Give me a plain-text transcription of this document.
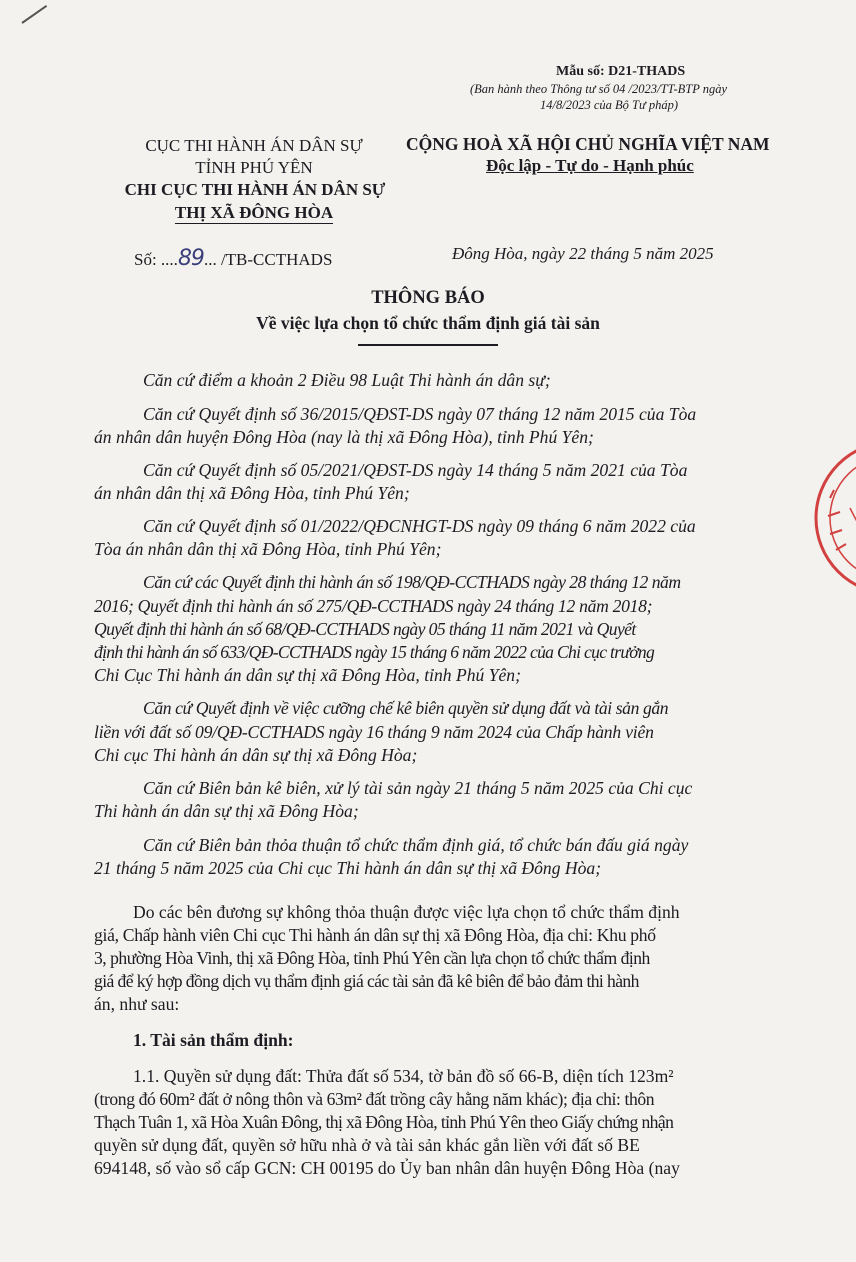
Mẫu số: D21-THADS
(Ban hành theo Thông tư số 04 /2023/TT-BTP ngày
14/8/2023 của Bộ Tư pháp)
CỤC THI HÀNH ÁN DÂN SỰ
TỈNH PHÚ YÊN
CHI CỤC THI HÀNH ÁN DÂN SỰ
THỊ XÃ ĐÔNG HÒA
CỘNG HOÀ XÃ HỘI CHỦ NGHĨA VIỆT NAM
Độc lập - Tự do - Hạnh phúc
Số: ....89... /TB-CCTHADS	Đông Hòa, ngày 22 tháng 5 năm 2025
THÔNG BÁO
Về việc lựa chọn tổ chức thẩm định giá tài sản
Căn cứ điểm a khoản 2 Điều 98 Luật Thi hành án dân sự;
Căn cứ Quyết định số 36/2015/QĐST-DS ngày 07 tháng 12 năm 2015 của Tòa
án nhân dân huyện Đông Hòa (nay là thị xã Đông Hòa), tỉnh Phú Yên;
Căn cứ Quyết định số 05/2021/QĐST-DS ngày 14 tháng 5 năm 2021 của Tòa
án nhân dân thị xã Đông Hòa, tỉnh Phú Yên;
Căn cứ Quyết định số 01/2022/QĐCNHGT-DS ngày 09 tháng 6 năm 2022 của
Tòa án nhân dân thị xã Đông Hòa, tỉnh Phú Yên;
Căn cứ các Quyết định thi hành án số 198/QĐ-CCTHADS ngày 28 tháng 12 năm
2016; Quyết định thi hành án số 275/QĐ-CCTHADS ngày 24 tháng 12 năm 2018;
Quyết định thi hành án số 68/QĐ-CCTHADS ngày 05 tháng 11 năm 2021 và Quyết
định thi hành án số 633/QĐ-CCTHADS ngày 15 tháng 6 năm 2022 của Chi cục trưởng
Chi Cục Thi hành án dân sự thị xã Đông Hòa, tỉnh Phú Yên;
Căn cứ Quyết định về việc cưỡng chế kê biên quyền sử dụng đất và tài sản gắn
liền với đất số 09/QĐ-CCTHADS ngày 16 tháng 9 năm 2024 của Chấp hành viên
Chi cục Thi hành án dân sự thị xã Đông Hòa;
Căn cứ Biên bản kê biên, xử lý tài sản ngày 21 tháng 5 năm 2025 của Chi cục
Thi hành án dân sự thị xã Đông Hòa;
Căn cứ Biên bản thỏa thuận tổ chức thẩm định giá, tổ chức bán đấu giá ngày
21 tháng 5 năm 2025 của Chi cục Thi hành án dân sự thị xã Đông Hòa;
Do các bên đương sự không thỏa thuận được việc lựa chọn tổ chức thẩm định
giá, Chấp hành viên Chi cục Thi hành án dân sự thị xã Đông Hòa, địa chỉ: Khu phố
3, phường Hòa Vinh, thị xã Đông Hòa, tỉnh Phú Yên cần lựa chọn tổ chức thẩm định
giá để ký hợp đồng dịch vụ thẩm định giá các tài sản đã kê biên để bảo đảm thi hành
án, như sau:
1. Tài sản thẩm định:
1.1. Quyền sử dụng đất: Thửa đất số 534, tờ bản đồ số 66-B, diện tích 123m²
(trong đó 60m² đất ở nông thôn và 63m² đất trồng cây hằng năm khác); địa chỉ: thôn
Thạch Tuân 1, xã Hòa Xuân Đông, thị xã Đông Hòa, tỉnh Phú Yên theo Giấy chứng nhận
quyền sử dụng đất, quyền sở hữu nhà ở và tài sản khác gắn liền với đất số BE
694148, số vào sổ cấp GCN: CH 00195 do Ủy ban nhân dân huyện Đông Hòa (nay
